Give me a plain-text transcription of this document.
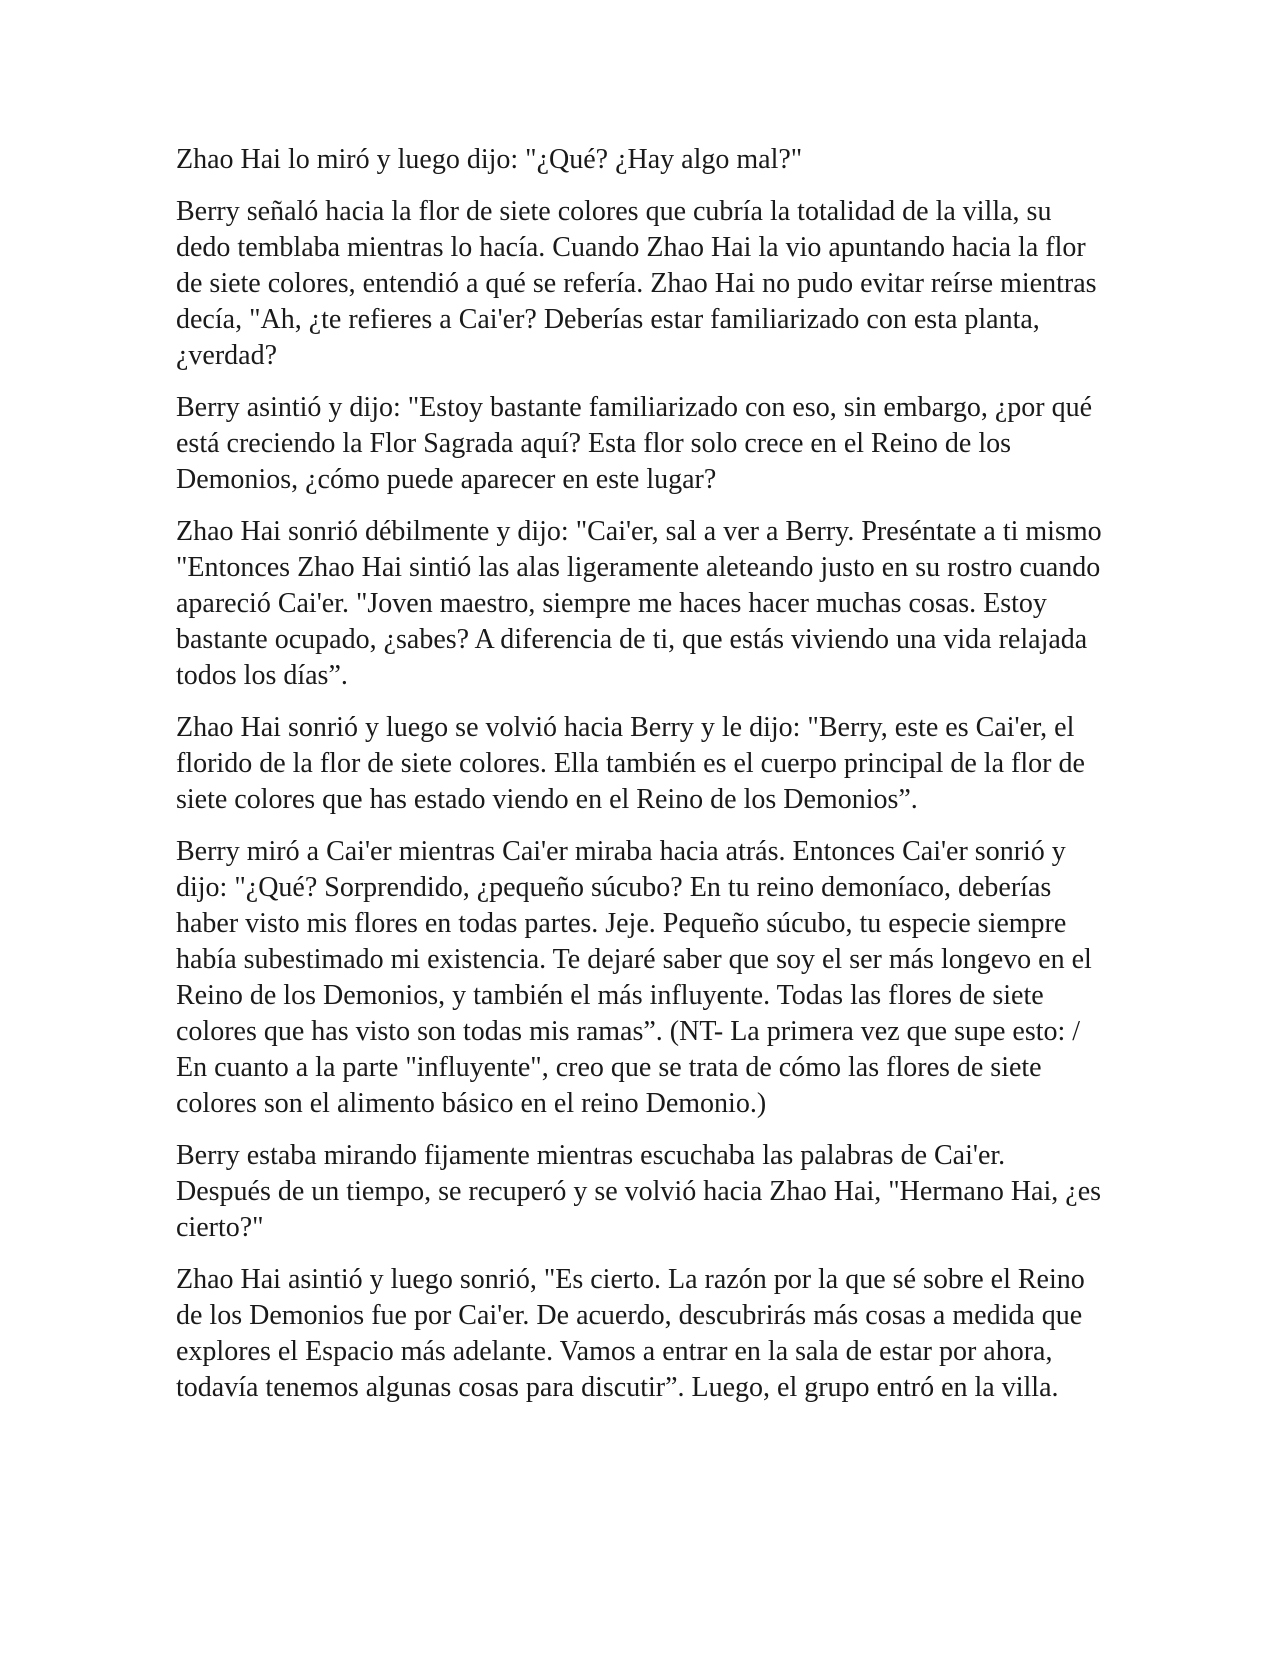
Zhao Hai lo miró y luego dijo: "¿Qué? ¿Hay algo mal?"

Berry señaló hacia la flor de siete colores que cubría la totalidad de la villa, su dedo temblaba mientras lo hacía. Cuando Zhao Hai la vio apuntando hacia la flor de siete colores, entendió a qué se refería. Zhao Hai no pudo evitar reírse mientras decía, "Ah, ¿te refieres a Cai'er? Deberías estar familiarizado con esta planta, ¿verdad?

Berry asintió y dijo: "Estoy bastante familiarizado con eso, sin embargo, ¿por qué está creciendo la Flor Sagrada aquí? Esta flor solo crece en el Reino de los Demonios, ¿cómo puede aparecer en este lugar?

Zhao Hai sonrió débilmente y dijo: "Cai'er, sal a ver a Berry. Preséntate a ti mismo "Entonces Zhao Hai sintió las alas ligeramente aleteando justo en su rostro cuando apareció Cai'er. "Joven maestro, siempre me haces hacer muchas cosas. Estoy bastante ocupado, ¿sabes? A diferencia de ti, que estás viviendo una vida relajada todos los días”.

Zhao Hai sonrió y luego se volvió hacia Berry y le dijo: "Berry, este es Cai'er, el florido de la flor de siete colores. Ella también es el cuerpo principal de la flor de siete colores que has estado viendo en el Reino de los Demonios”.

Berry miró a Cai'er mientras Cai'er miraba hacia atrás. Entonces Cai'er sonrió y dijo: "¿Qué? Sorprendido, ¿pequeño súcubo? En tu reino demoníaco, deberías haber visto mis flores en todas partes. Jeje. Pequeño súcubo, tu especie siempre había subestimado mi existencia. Te dejaré saber que soy el ser más longevo en el Reino de los Demonios, y también el más influyente. Todas las flores de siete colores que has visto son todas mis ramas”. (NT- La primera vez que supe esto: / En cuanto a la parte "influyente", creo que se trata de cómo las flores de siete colores son el alimento básico en el reino Demonio.)

Berry estaba mirando fijamente mientras escuchaba las palabras de Cai'er. Después de un tiempo, se recuperó y se volvió hacia Zhao Hai, "Hermano Hai, ¿es cierto?"

Zhao Hai asintió y luego sonrió, "Es cierto. La razón por la que sé sobre el Reino de los Demonios fue por Cai'er. De acuerdo, descubrirás más cosas a medida que explores el Espacio más adelante. Vamos a entrar en la sala de estar por ahora, todavía tenemos algunas cosas para discutir”. Luego, el grupo entró en la villa.
